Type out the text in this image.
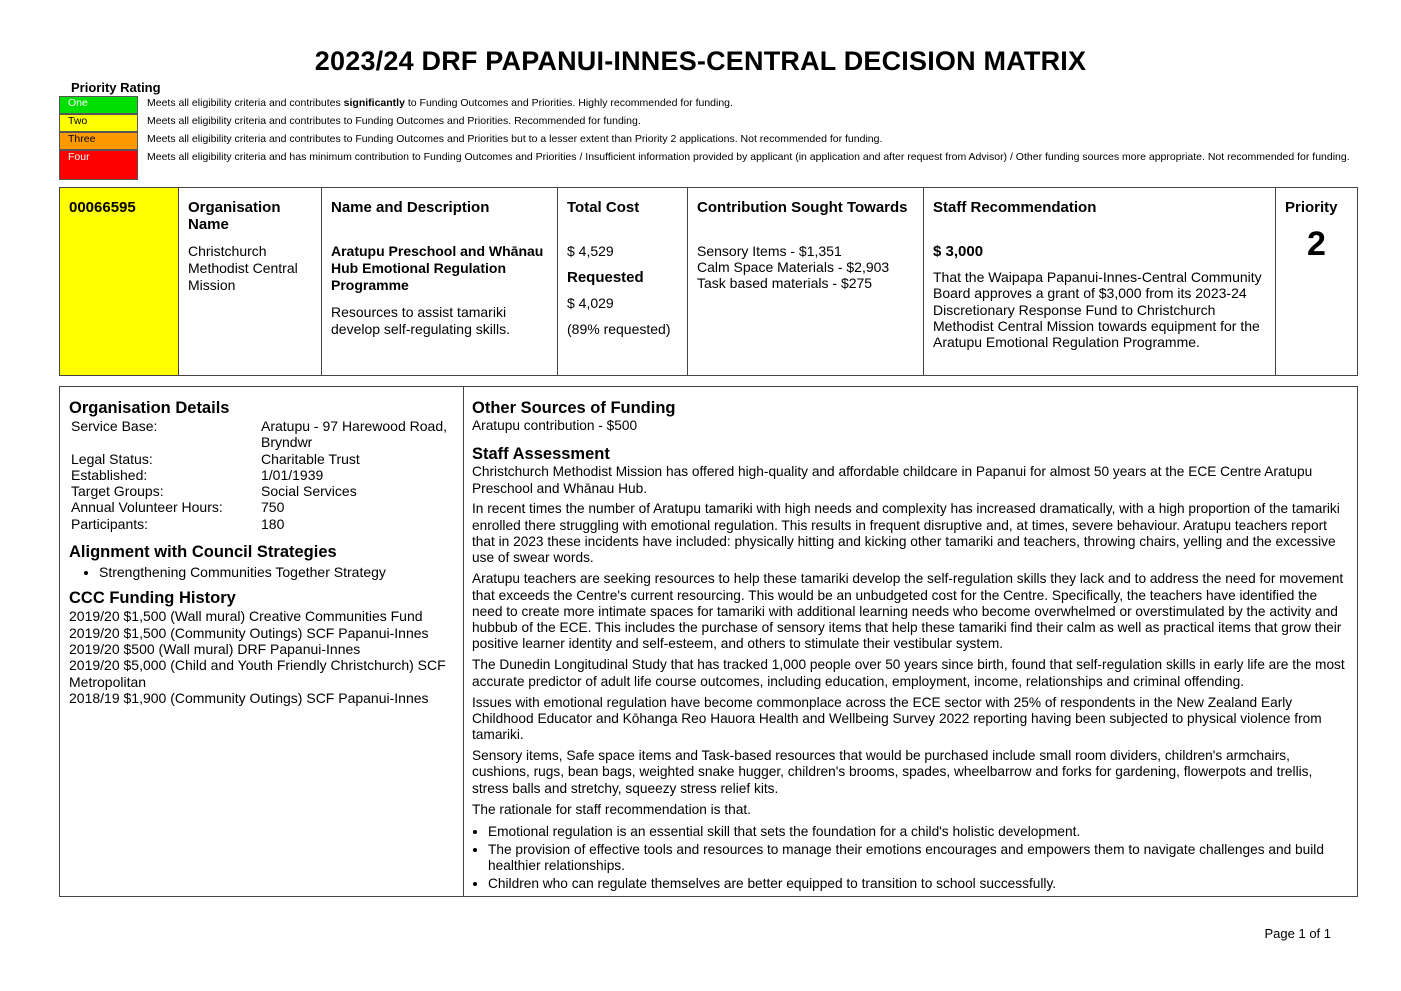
2023/24 DRF PAPANUI-INNES-CENTRAL DECISION MATRIX
Priority Rating
One	Meets all eligibility criteria and contributes significantly to Funding Outcomes and Priorities. Highly recommended for funding.
Two	Meets all eligibility criteria and contributes to Funding Outcomes and Priorities. Recommended for funding.
Three	Meets all eligibility criteria and contributes to Funding Outcomes and Priorities but to a lesser extent than Priority 2 applications. Not recommended for funding.
Four	Meets all eligibility criteria and has minimum contribution to Funding Outcomes and Priorities / Insufficient information provided by applicant (in application and after request from Advisor) / Other funding sources more appropriate. Not recommended for funding.
00066595	Organisation Name
Christchurch Methodist Central Mission
Name and Description
Aratupu Preschool and Whānau Hub Emotional Regulation Programme
Resources to assist tamariki develop self-regulating skills.
Total Cost
$ 4,529
Requested
$ 4,029
(89% requested)
Contribution Sought Towards
Sensory Items - $1,351
Calm Space Materials - $2,903
Task based materials - $275
Staff Recommendation
$ 3,000
That the Waipapa Papanui-Innes-Central Community Board approves a grant of $3,000 from its 2023-24 Discretionary Response Fund to Christchurch Methodist Central Mission towards equipment for the Aratupu Emotional Regulation Programme.
Priority
2
Organisation Details
Service Base:	Aratupu - 97 Harewood Road, Bryndwr
Legal Status:	Charitable Trust
Established:	1/01/1939
Target Groups:	Social Services
Annual Volunteer Hours:	750
Participants:	180
Alignment with Council Strategies
• Strengthening Communities Together Strategy
CCC Funding History
2019/20 $1,500 (Wall mural) Creative Communities Fund
2019/20 $1,500 (Community Outings) SCF Papanui-Innes
2019/20 $500 (Wall mural) DRF Papanui-Innes
2019/20 $5,000 (Child and Youth Friendly Christchurch) SCF Metropolitan
2018/19 $1,900 (Community Outings) SCF Papanui-Innes
Other Sources of Funding
Aratupu contribution - $500
Staff Assessment

Christchurch Methodist Mission has offered high-quality and affordable childcare in Papanui for almost 50 years at the ECE Centre Aratupu Preschool and Whānau Hub.

In recent times the number of Aratupu tamariki with high needs and complexity has increased dramatically, with a high proportion of the tamariki enrolled there struggling with emotional regulation. This results in frequent disruptive and, at times, severe behaviour. Aratupu teachers report that in 2023 these incidents have included: physically hitting and kicking other tamariki and teachers, throwing chairs, yelling and the excessive use of swear words.

Aratupu teachers are seeking resources to help these tamariki develop the self-regulation skills they lack and to address the need for movement that exceeds the Centre's current resourcing. This would be an unbudgeted cost for the Centre. Specifically, the teachers have identified the need to create more intimate spaces for tamariki with additional learning needs who become overwhelmed or overstimulated by the activity and hubbub of the ECE. This includes the purchase of sensory items that help these tamariki find their calm as well as practical items that grow their positive learner identity and self-esteem, and others to stimulate their vestibular system.

The Dunedin Longitudinal Study that has tracked 1,000 people over 50 years since birth, found that self-regulation skills in early life are the most accurate predictor of adult life course outcomes, including education, employment, income, relationships and criminal offending.

Issues with emotional regulation have become commonplace across the ECE sector with 25% of respondents in the New Zealand Early Childhood Educator and Kōhanga Reo Hauora Health and Wellbeing Survey 2022 reporting having been subjected to physical violence from tamariki.

Sensory items, Safe space items and Task-based resources that would be purchased include small room dividers, children's armchairs, cushions, rugs, bean bags, weighted snake hugger, children's brooms, spades, wheelbarrow and forks for gardening, flowerpots and trellis, stress balls and stretchy, squeezy stress relief kits.

The rationale for staff recommendation is that.

• Emotional regulation is an essential skill that sets the foundation for a child's holistic development.
• The provision of effective tools and resources to manage their emotions encourages and empowers them to navigate challenges and build healthier relationships.
• Children who can regulate themselves are better equipped to transition to school successfully.
Page 1 of 1
